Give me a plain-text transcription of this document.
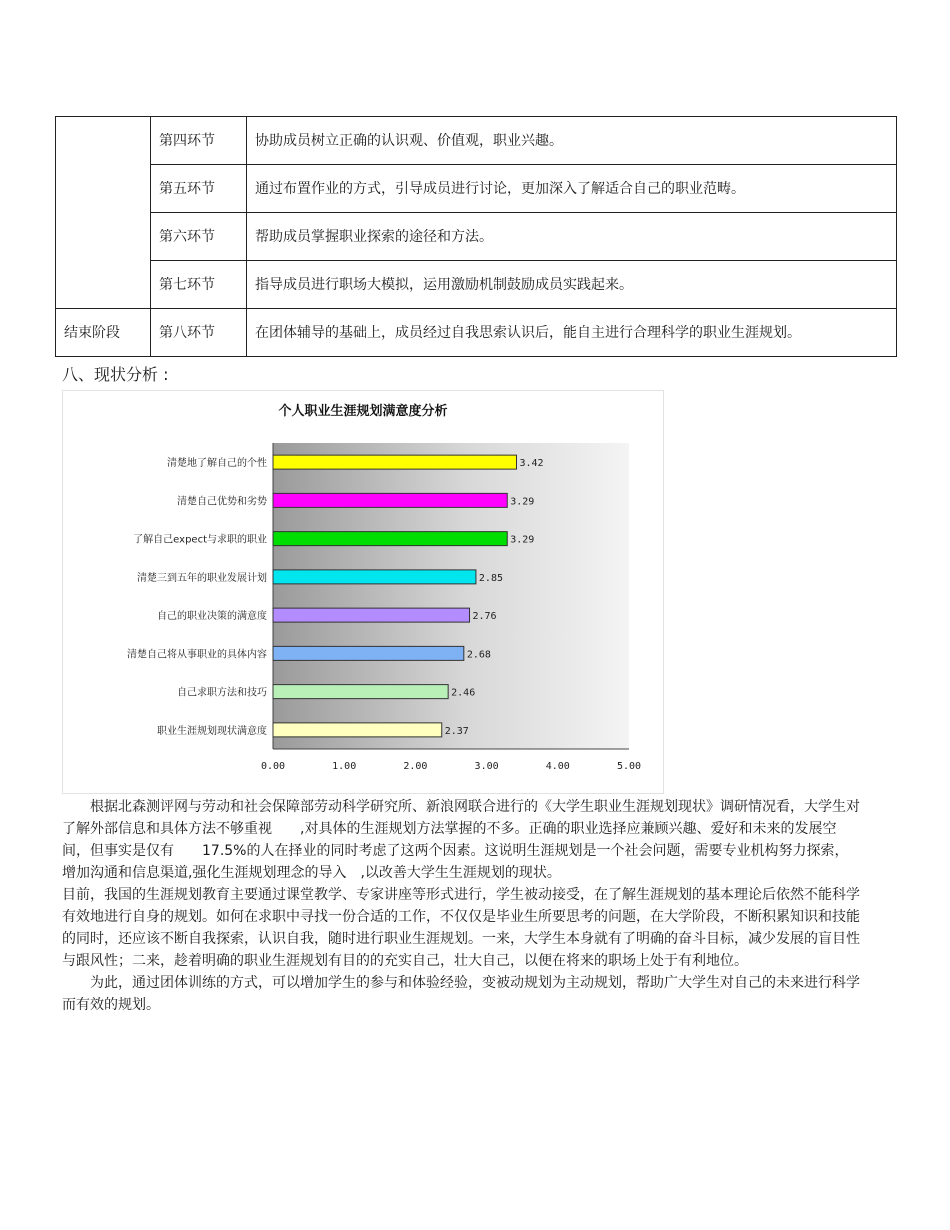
	第四环节	协助成员树立正确的认识观、价值观，职业兴趣。
	第五环节	通过布置作业的方式，引导成员进行讨论，更加深入了解适合自己的职业范畴。
	第六环节	帮助成员掌握职业探索的途径和方法。
	第七环节	指导成员进行职场大模拟，运用激励机制鼓励成员实践起来。
结束阶段	第八环节	在团体辅导的基础上，成员经过自我思索认识后，能自主进行合理科学的职业生涯规划。
八、现状分析 :
个人职业生涯规划满意度分析
清楚地了解自己的个性
清楚自己优势和劣势
了解自己expect与求职的职业
清楚三到五年的职业发展计划
自己的职业决策的满意度
清楚自己将从事职业的具体内容
自己求职方法和技巧
职业生涯规划现状满意度
3.42
3.29
3.29
2.85
2.76
2.68
2.46
2.37
0.00	1.00	2.00	3.00	4.00	5.00

根据北森测评网与劳动和社会保障部劳动科学研究所、新浪网联合进行的《大学生职业生涯规划现状》调研情况看，大学生对了解外部信息和具体方法不够重视　　,对具体的生涯规划方法掌握的不多。正确的职业选择应兼顾兴趣、爱好和未来的发展空间，但事实是仅有　　17.5%的人在择业的同时考虑了这两个因素。这说明生涯规划是一个社会问题，需要专业机构努力探索，增加沟通和信息渠道,强化生涯规划理念的导入　,以改善大学生生涯规划的现状。

目前，我国的生涯规划教育主要通过课堂教学、专家讲座等形式进行，学生被动接受，在了解生涯规划的基本理论后依然不能科学有效地进行自身的规划。如何在求职中寻找一份合适的工作，不仅仅是毕业生所要思考的问题，在大学阶段，不断积累知识和技能的同时，还应该不断自我探索，认识自我，随时进行职业生涯规划。一来，大学生本身就有了明确的奋斗目标，减少发展的盲目性与跟风性；二来，趁着明确的职业生涯规划有目的的充实自己，壮大自己，以便在将来的职场上处于有利地位。

为此，通过团体训练的方式，可以增加学生的参与和体验经验，变被动规划为主动规划，帮助广大学生对自己的未来进行科学而有效的规划。
